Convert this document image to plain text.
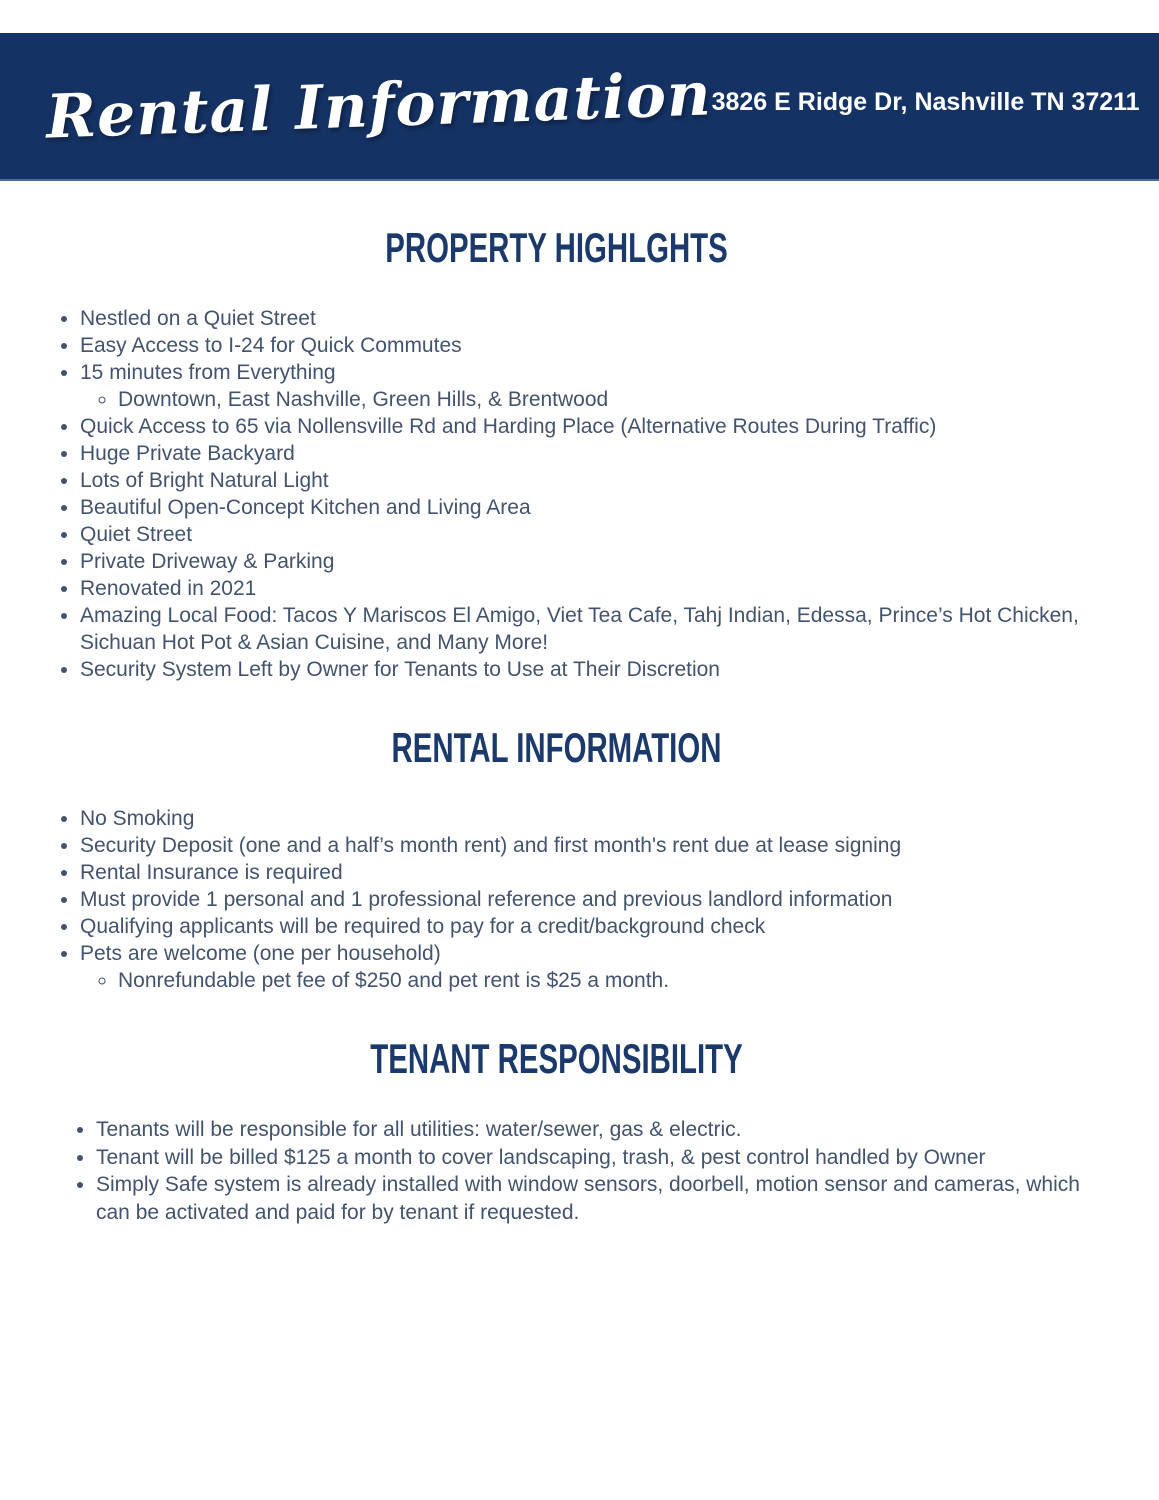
Rental Information
3826 E Ridge Dr, Nashville TN 37211
PROPERTY HIGHLGHTS
• Nestled on a Quiet Street
• Easy Access to I-24 for Quick Commutes
• 15 minutes from Everything
◦ Downtown, East Nashville, Green Hills, & Brentwood
• Quick Access to 65 via Nollensville Rd and Harding Place (Alternative Routes During Traffic)
• Huge Private Backyard
• Lots of Bright Natural Light
• Beautiful Open-Concept Kitchen and Living Area
• Quiet Street
• Private Driveway & Parking
• Renovated in 2021
• Amazing Local Food: Tacos Y Mariscos El Amigo, Viet Tea Cafe, Tahj Indian, Edessa, Prince’s Hot Chicken, Sichuan Hot Pot & Asian Cuisine, and Many More!
• Security System Left by Owner for Tenants to Use at Their Discretion
RENTAL INFORMATION
• No Smoking
• Security Deposit (one and a half’s month rent) and first month's rent due at lease signing
• Rental Insurance is required
• Must provide 1 personal and 1 professional reference and previous landlord information
• Qualifying applicants will be required to pay for a credit/background check
• Pets are welcome (one per household)
◦ Nonrefundable pet fee of $250 and pet rent is $25 a month.
TENANT RESPONSIBILITY
• Tenants will be responsible for all utilities: water/sewer, gas & electric.
• Tenant will be billed $125 a month to cover landscaping, trash, & pest control handled by Owner
• Simply Safe system is already installed with window sensors, doorbell, motion sensor and cameras, which can be activated and paid for by tenant if requested.
